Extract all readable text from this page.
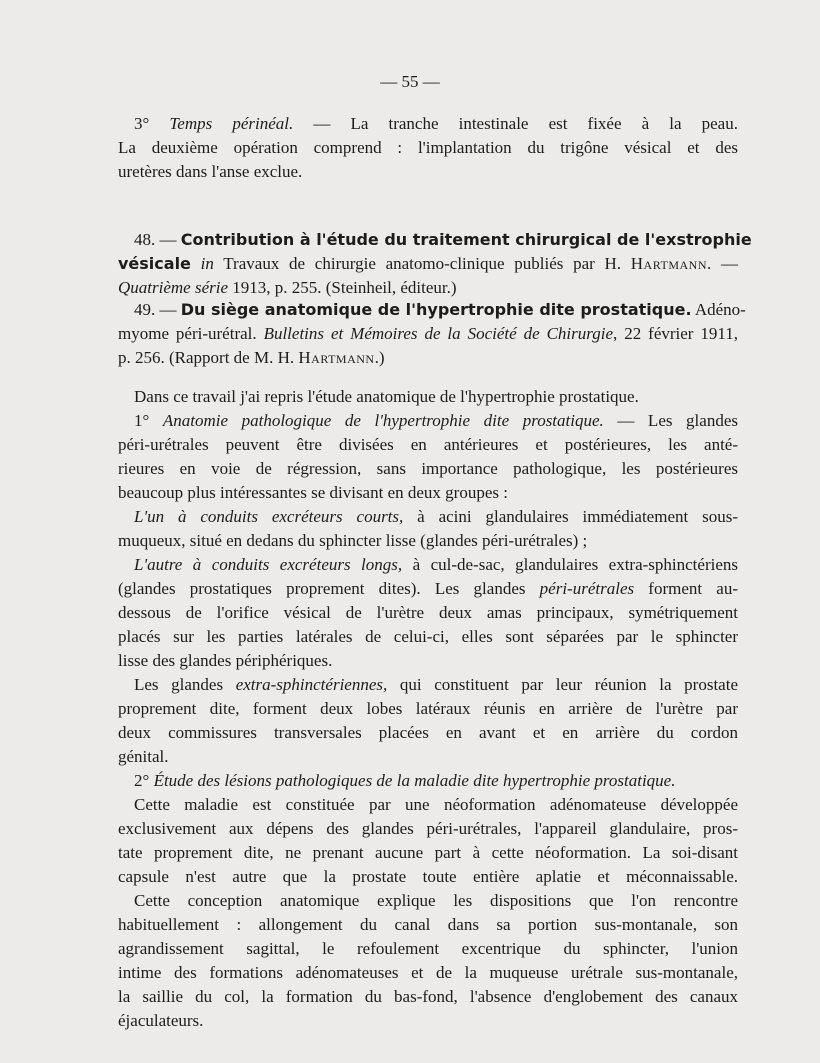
— 55 —
3° Temps périnéal. — La tranche intestinale est fixée à la peau.
La deuxième opération comprend : l'implantation du trigône vésical et des
uretères dans l'anse exclue.
48. — Contribution à l'étude du traitement chirurgical de l'exstrophie
vésicale in Travaux de chirurgie anatomo-clinique publiés par H. Hartmann. —
Quatrième série 1913, p. 255. (Steinheil, éditeur.)
49. — Du siège anatomique de l'hypertrophie dite prostatique. Adéno-
myome péri-urétral. Bulletins et Mémoires de la Société de Chirurgie, 22 février 1911,
p. 256. (Rapport de M. H. Hartmann.)
Dans ce travail j'ai repris l'étude anatomique de l'hypertrophie prostatique.
1° Anatomie pathologique de l'hypertrophie dite prostatique. — Les glandes
péri-urétrales peuvent être divisées en antérieures et postérieures, les anté-
rieures en voie de régression, sans importance pathologique, les postérieures
beaucoup plus intéressantes se divisant en deux groupes :
L'un à conduits excréteurs courts, à acini glandulaires immédiatement sous-
muqueux, situé en dedans du sphincter lisse (glandes péri-urétrales) ;
L'autre à conduits excréteurs longs, à cul-de-sac, glandulaires extra-sphinctériens
(glandes prostatiques proprement dites). Les glandes péri-urétrales forment au-
dessous de l'orifice vésical de l'urètre deux amas principaux, symétriquement
placés sur les parties latérales de celui-ci, elles sont séparées par le sphincter
lisse des glandes périphériques.
Les glandes extra-sphinctériennes, qui constituent par leur réunion la prostate
proprement dite, forment deux lobes latéraux réunis en arrière de l'urètre par
deux commissures transversales placées en avant et en arrière du cordon
génital.
2° Étude des lésions pathologiques de la maladie dite hypertrophie prostatique.
Cette maladie est constituée par une néoformation adénomateuse développée
exclusivement aux dépens des glandes péri-urétrales, l'appareil glandulaire, pros-
tate proprement dite, ne prenant aucune part à cette néoformation. La soi-disant
capsule n'est autre que la prostate toute entière aplatie et méconnaissable.
Cette conception anatomique explique les dispositions que l'on rencontre
habituellement : allongement du canal dans sa portion sus-montanale, son
agrandissement sagittal, le refoulement excentrique du sphincter, l'union
intime des formations adénomateuses et de la muqueuse urétrale sus-montanale,
la saillie du col, la formation du bas-fond, l'absence d'englobement des canaux
éjaculateurs.
